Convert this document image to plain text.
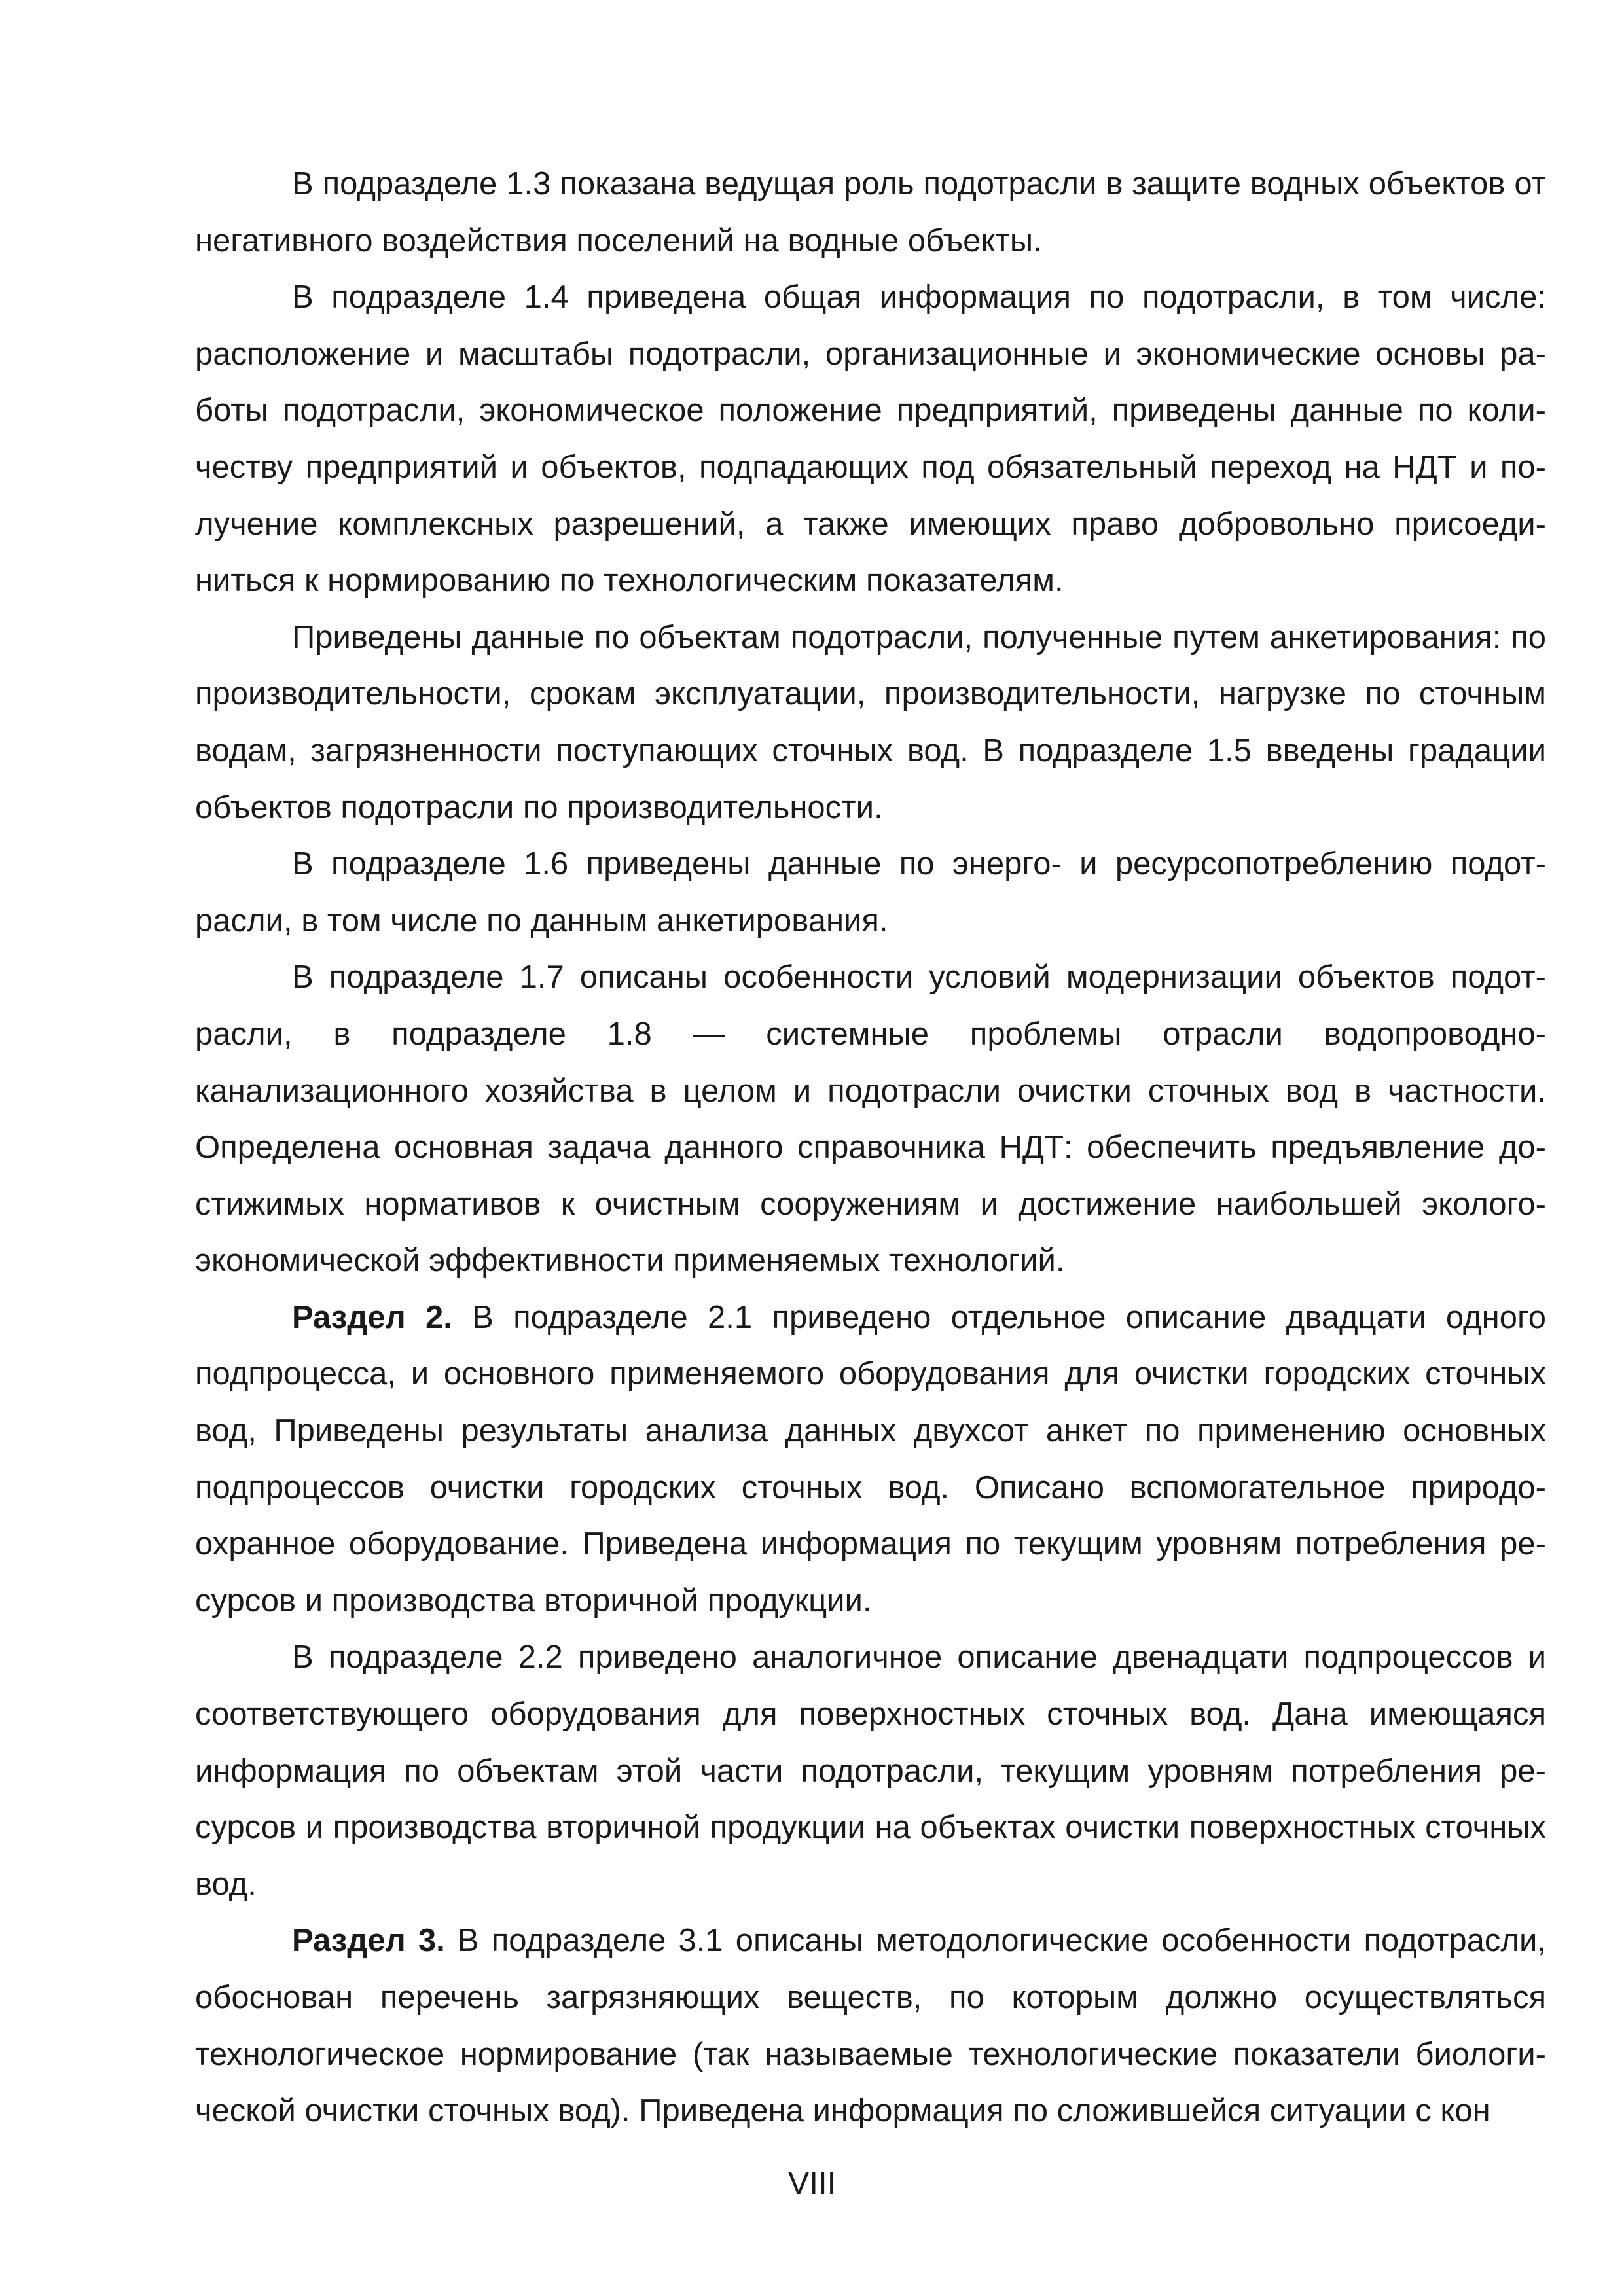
В подразделе 1.3 показана ведущая роль подотрасли в защите водных объектов от негативного воздействия поселений на водные объекты.

В подразделе 1.4 приведена общая информация по подотрасли, в том числе: расположение и масштабы подотрасли, организационные и экономические основы работы подотрасли, экономическое положение предприятий, приведены данные по количеству предприятий и объектов, подпадающих под обязательный переход на НДТ и получение комплексных разрешений, а также имеющих право добровольно присоединиться к нормированию по технологическим показателям.

Приведены данные по объектам подотрасли, полученные путем анкетирования: по производительности, срокам эксплуатации, производительности, нагрузке по сточным водам, загрязненности поступающих сточных вод. В подразделе 1.5 введены градации объектов подотрасли по производительности.

В подразделе 1.6 приведены данные по энерго- и ресурсопотреблению подотрасли, в том числе по данным анкетирования.

В подразделе 1.7 описаны особенности условий модернизации объектов подотрасли, в подразделе 1.8 — системные проблемы отрасли водопроводно-канализационного хозяйства в целом и подотрасли очистки сточных вод в частности. Определена основная задача данного справочника НДТ: обеспечить предъявление достижимых нормативов к очистным сооружениям и достижение наибольшей эколого-экономической эффективности применяемых технологий.

Раздел 2. В подразделе 2.1 приведено отдельное описание двадцати одного подпроцесса, и основного применяемого оборудования для очистки городских сточных вод, Приведены результаты анализа данных двухсот анкет по применению основных подпроцессов очистки городских сточных вод. Описано вспомогательное природоохранное оборудование. Приведена информация по текущим уровням потребления ресурсов и производства вторичной продукции.

В подразделе 2.2 приведено аналогичное описание двенадцати подпроцессов и соответствующего оборудования для поверхностных сточных вод. Дана имеющаяся информация по объектам этой части подотрасли, текущим уровням потребления ресурсов и производства вторичной продукции на объектах очистки поверхностных сточных вод.

Раздел 3. В подразделе 3.1 описаны методологические особенности подотрасли, обоснован перечень загрязняющих веществ, по которым должно осуществляться технологическое нормирование (так называемые технологические показатели биологической очистки сточных вод). Приведена информация по сложившейся ситуации с кон

VIII
